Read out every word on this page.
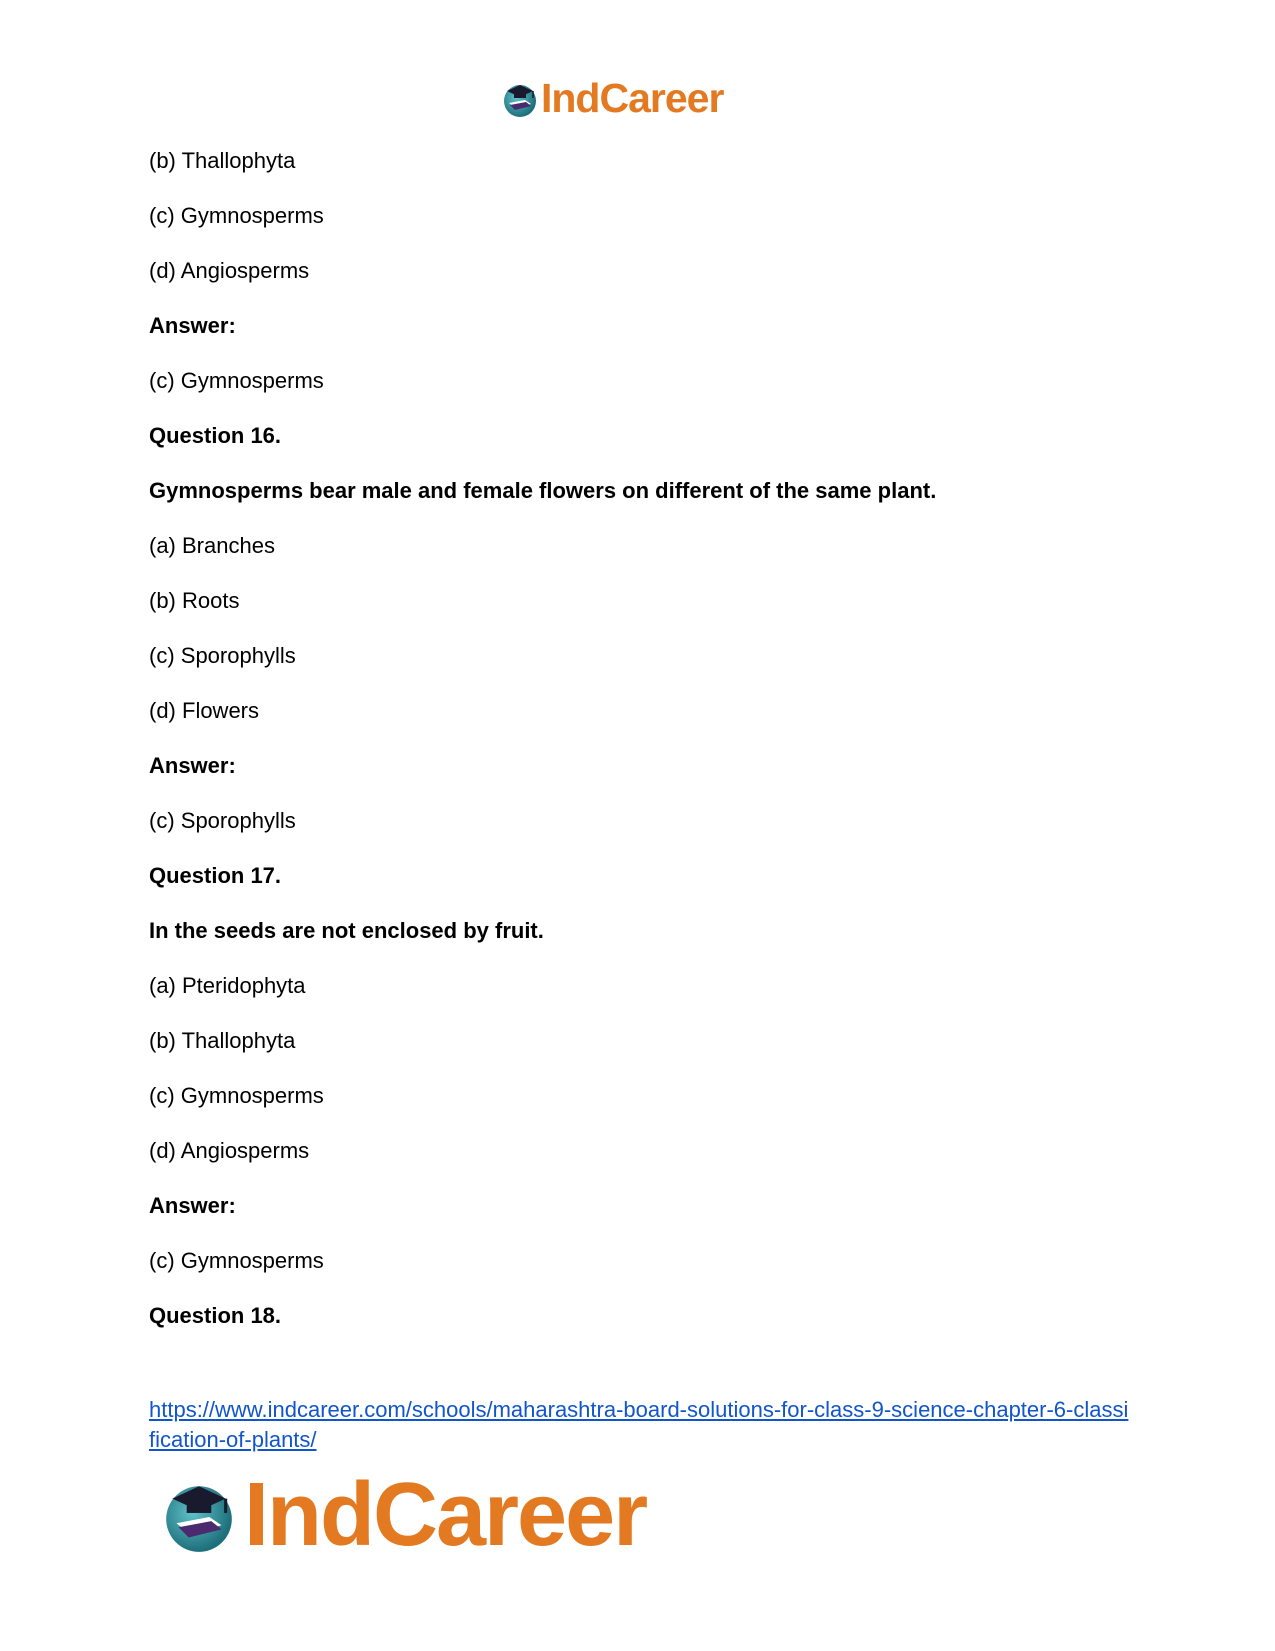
IndCareer
(b) Thallophyta
(c) Gymnosperms
(d) Angiosperms
Answer:
(c) Gymnosperms
Question 16.
Gymnosperms bear male and female flowers on different of the same plant.
(a) Branches
(b) Roots
(c) Sporophylls
(d) Flowers
Answer:
(c) Sporophylls
Question 17.
In the seeds are not enclosed by fruit.
(a) Pteridophyta
(b) Thallophyta
(c) Gymnosperms
(d) Angiosperms
Answer:
(c) Gymnosperms
Question 18.
https://www.indcareer.com/schools/maharashtra-board-solutions-for-class-9-science-chapter-6-classification-of-plants/
IndCareer
